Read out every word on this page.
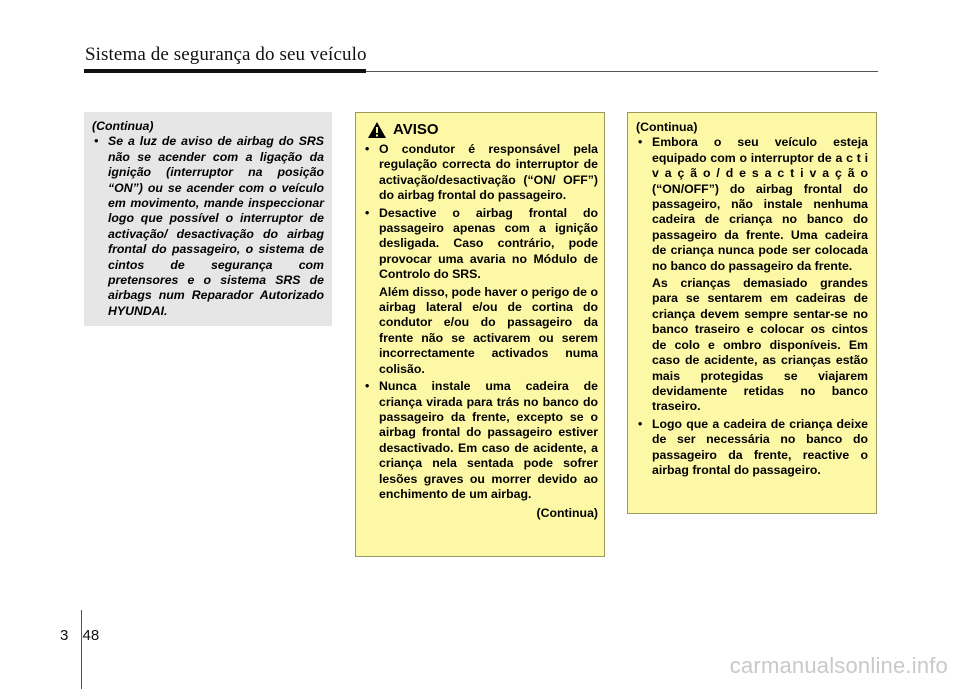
Sistema de segurança do seu veículo
(Continua)
• Se a luz de aviso de airbag do SRS não se acender com a ligação da ignição (interruptor na posição “ON”) ou se acender com o veículo em movimento, mande inspeccionar logo que possível o interruptor de activação/ desactivação do airbag frontal do passageiro, o sistema de cintos de segurança com pretensores e o sistema SRS de airbags num Reparador Autorizado HYUNDAI.
AVISO
• O condutor é responsável pela regulação correcta do interruptor de activação/desactivação (“ON/ OFF”) do airbag frontal do passageiro.
• Desactive o airbag frontal do passageiro apenas com a ignição desligada. Caso contrário, pode provocar uma avaria no Módulo de Controlo do SRS.
Além disso, pode haver o perigo de o airbag lateral e/ou de cortina do condutor e/ou do passageiro da frente não se activarem ou serem incorrectamente activados numa colisão.
• Nunca instale uma cadeira de criança virada para trás no banco do passageiro da frente, excepto se o airbag frontal do passageiro estiver desactivado. Em caso de acidente, a criança nela sentada pode sofrer lesões graves ou morrer devido ao enchimento de um airbag.
(Continua)
(Continua)
• Embora o seu veículo esteja equipado com o interruptor de a c t i v a ç ã o / d e s a c t i v a ç ã o (“ON/OFF”) do airbag frontal do passageiro, não instale nenhuma cadeira de criança no banco do passageiro da frente. Uma cadeira de criança nunca pode ser colocada no banco do passageiro da frente.
As crianças demasiado grandes para se sentarem em cadeiras de criança devem sempre sentar-se no banco traseiro e colocar os cintos de colo e ombro disponíveis. Em caso de acidente, as crianças estão mais protegidas se viajarem devidamente retidas no banco traseiro.
• Logo que a cadeira de criança deixe de ser necessária no banco do passageiro da frente, reactive o airbag frontal do passageiro.
3 48
carmanualsonline.info
